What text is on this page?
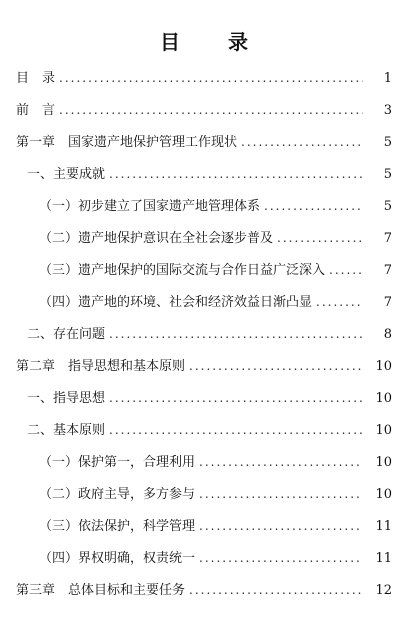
目　录
目　录 .....	1
前　言 .....	3
第一章　国家遗产地保护管理工作现状 .....	5
一、主要成就 .....	5
（一）初步建立了国家遗产地管理体系 .....	5
（二）遗产地保护意识在全社会逐步普及 .....	7
（三）遗产地保护的国际交流与合作日益广泛深入 .....	7
（四）遗产地的环境、社会和经济效益日渐凸显 .....	7
二、存在问题 .....	8
第二章　指导思想和基本原则 .....	10
一、指导思想 .....	10
二、基本原则 .....	10
（一）保护第一，合理利用 .....	10
（二）政府主导，多方参与 .....	10
（三）依法保护，科学管理 .....	11
（四）界权明确，权责统一 .....	11
第三章　总体目标和主要任务 .....	12
